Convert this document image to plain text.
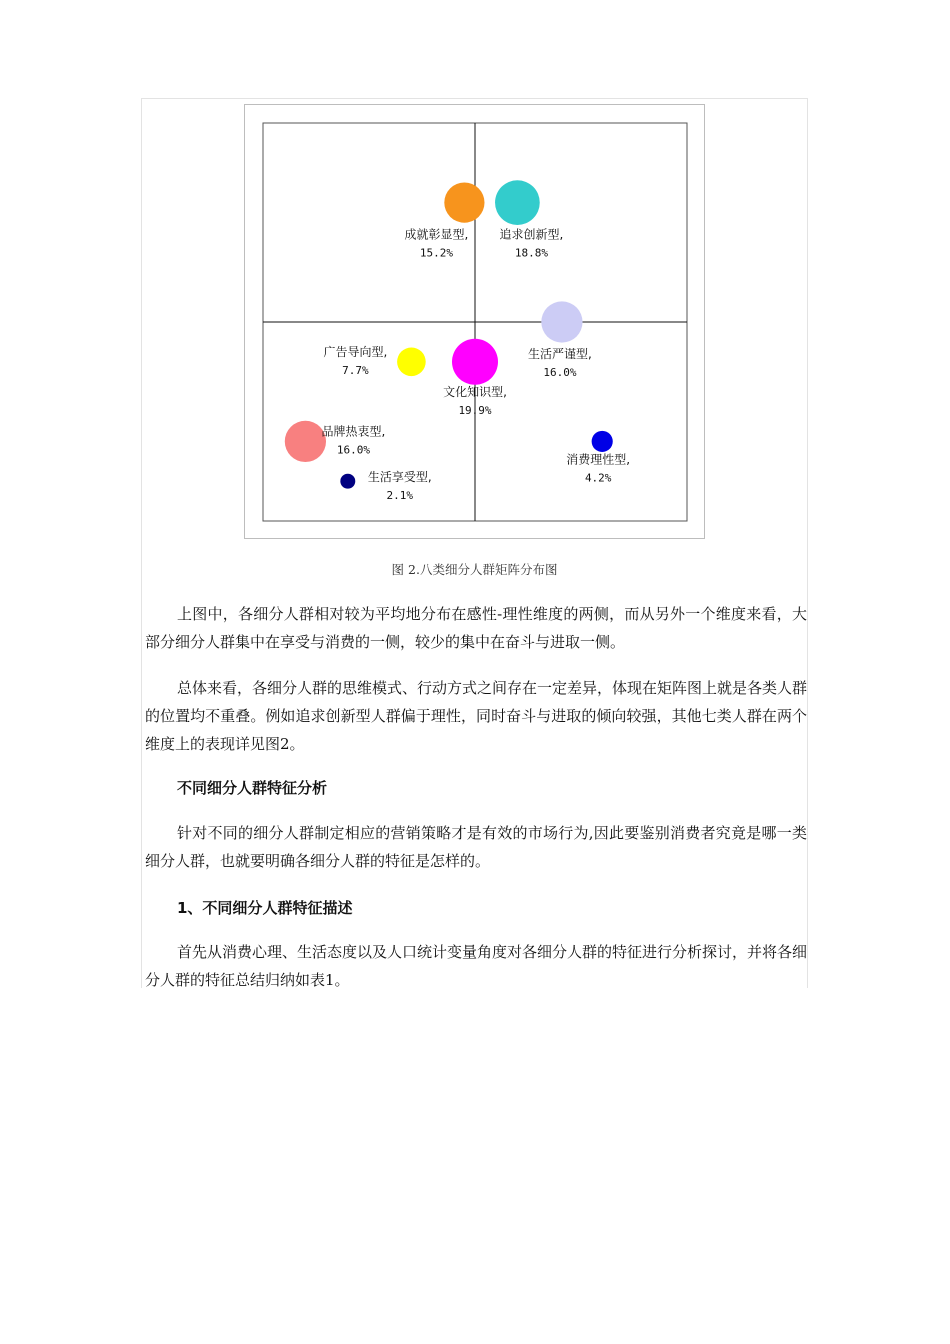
成就彰显型,
15.2%
追求创新型,
18.8%
生活严谨型,
16.0%
广告导向型,
7.7%
文化知识型,
19.9%
品牌热衷型,
16.0%
消费理性型,
4.2%
生活享受型,
2.1%
图 2.八类细分人群矩阵分布图

上图中，各细分人群相对较为平均地分布在感性-理性维度的两侧，而从另外一个维度来看，大部分细分人群集中在享受与消费的一侧，较少的集中在奋斗与进取一侧。

总体来看，各细分人群的思维模式、行动方式之间存在一定差异，体现在矩阵图上就是各类人群的位置均不重叠。例如追求创新型人群偏于理性，同时奋斗与进取的倾向较强，其他七类人群在两个维度上的表现详见图2。

不同细分人群特征分析

针对不同的细分人群制定相应的营销策略才是有效的市场行为,因此要鉴别消费者究竟是哪一类细分人群，也就要明确各细分人群的特征是怎样的。

1、不同细分人群特征描述

首先从消费心理、生活态度以及人口统计变量角度对各细分人群的特征进行分析探讨，并将各细分人群的特征总结归纳如表1。
